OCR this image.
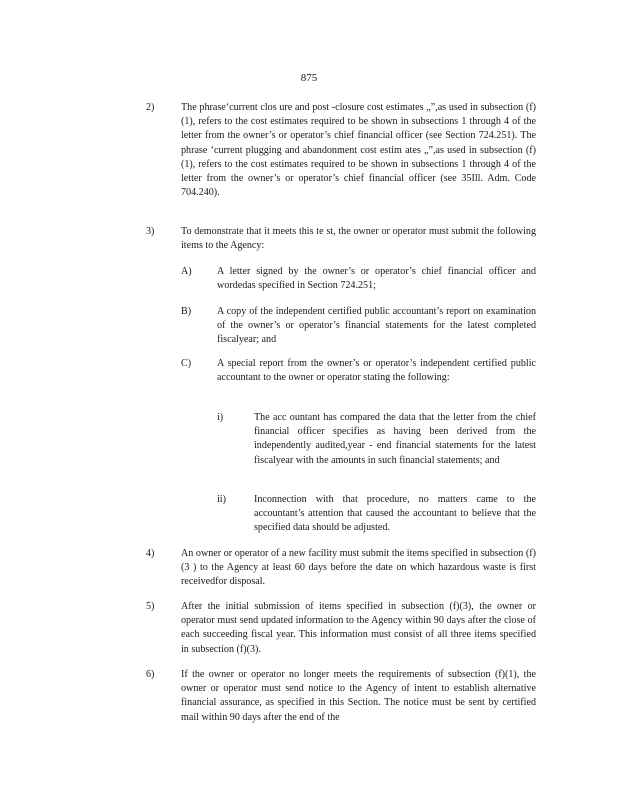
875
2)	The phrase‘current clos ure and post -closure cost estimates „”,as used in subsection (f)(1), refers to the cost estimates required to be shown in subsections 1 through 4 of the letter from the owner’s or operator’s chief financial officer (see Section 724.251). The phrase ‘current plugging and abandonment cost estim ates „”,as used in subsection (f)(1), refers to the cost estimates required to be shown in subsections 1 through 4 of the letter from the owner’s or operator’s chief financial officer (see 35Ill. Adm. Code 704.240).
3)	To demonstrate that it meets this te st, the owner or operator must submit the following items to the Agency:
A)	A letter signed by the owner’s or operator’s chief financial officer and wordedas specified in Section 724.251;
B)	A copy of the independent certified public accountant’s report on examination of the owner’s or operator’s financial statements for the latest completed fiscalyear; and
C)	A special report from the owner’s or operator’s independent certified public accountant to the owner or operator stating the following:
i)	The acc ountant has compared the data that the letter from the chief financial officer specifies as having been derived from the independently audited,year - end financial statements for the latest fiscalyear with the amounts in such financial statements; and
ii)	Inconnection with that procedure, no matters came to the accountant’s attention that caused the accountant to believe that the specified data should be adjusted.
4)	An owner or operator of a new facility must submit the items specified in subsection (f)(3 ) to the Agency at least 60 days before the date on which hazardous waste is first receivedfor disposal.
5)	After the initial submission of items specified in subsection (f)(3), the owner or operator must send updated information to the Agency within 90 days after the close of each succeeding fiscal year. This information must consist of all three items specified in subsection (f)(3).
6)	If the owner or operator no longer meets the requirements of subsection (f)(1), the owner or operator must send notice to the Agency of intent to establish alternative financial assurance, as specified in this Section. The notice must be sent by certified mail within 90 days after the end of the
